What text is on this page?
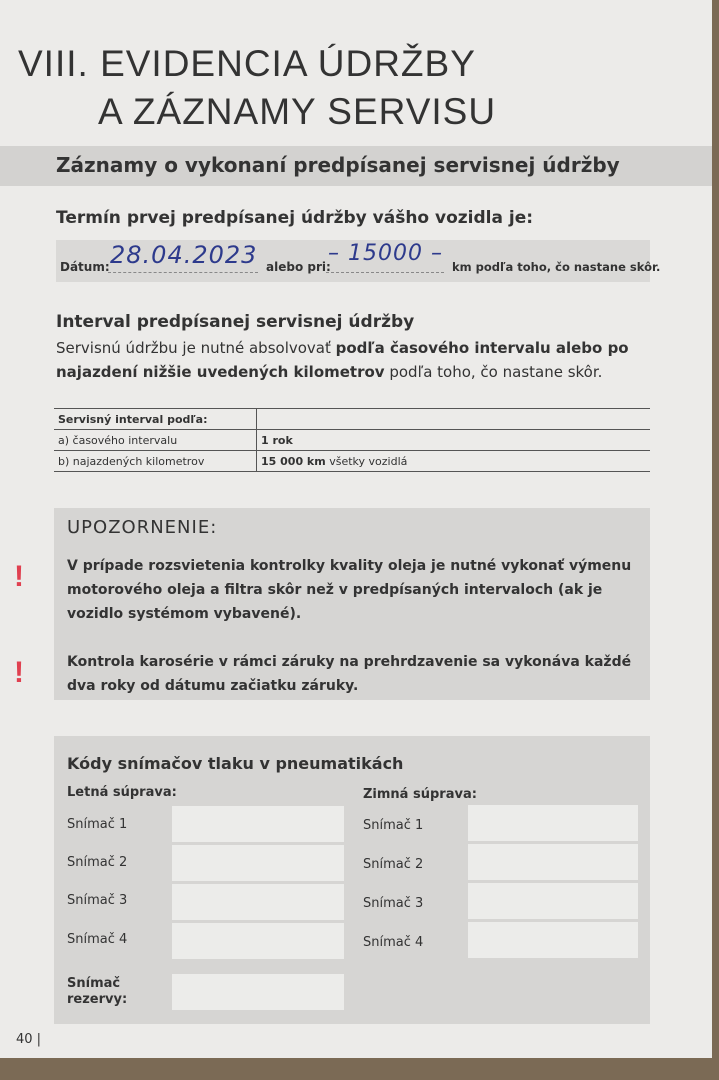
VIII. EVIDENCIA ÚDRŽBY
A ZÁZNAMY SERVISU
Záznamy o vykonaní predpísanej servisnej údržby
Termín prvej predpísanej údržby vášho vozidla je:
Dátum: 28.04.2023 alebo pri:
– 15000 –
km podľa toho, čo nastane skôr.
Interval predpísanej servisnej údržby
Servisnú údržbu je nutné absolvovať podľa časového intervalu alebo po najazdení nižšie uvedených kilometrov podľa toho, čo nastane skôr.
Servisný interval podľa:	
a) časového intervalu	1 rok
b) najazdených kilometrov	15 000 km všetky vozidlá
UPOZORNENIE:
!	V prípade rozsvietenia kontrolky kvality oleja je nutné vykonať výmenu motorového oleja a filtra skôr než v predpísaných intervaloch (ak je vozidlo systémom vybavené).
!	Kontrola karosérie v rámci záruky na prehrdzavenie sa vykonáva každé dva roky od dátumu začiatku záruky.
Kódy snímačov tlaku v pneumatikách
Letná súprava:	Zimná súprava:
Snímač 1
Snímač 2
Snímač 3
Snímač 4
Snímač 1
Snímač 2
Snímač 3
Snímač 4
Snímač
rezervy:
40 |
